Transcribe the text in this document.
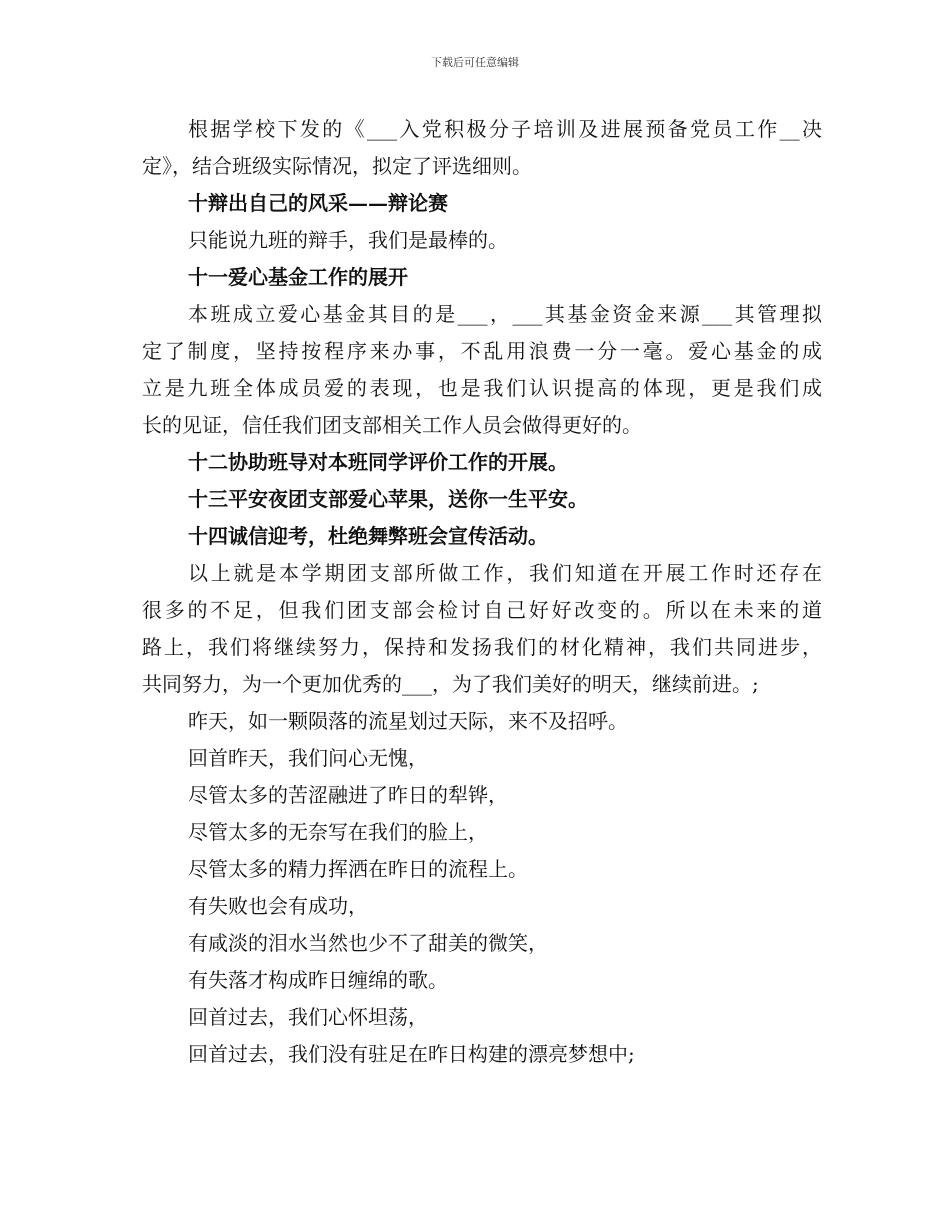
下载后可任意编辑
根据学校下发的《___入党积极分子培训及进展预备党员工作__决
定》，结合班级实际情况，拟定了评选细则。
十辩出自己的风采——辩论赛
只能说九班的辩手，我们是最棒的。
十一爱心基金工作的展开
本班成立爱心基金其目的是___，___其基金资金来源___其管理拟
定了制度，坚持按程序来办事，不乱用浪费一分一毫。爱心基金的成
立是九班全体成员爱的表现，也是我们认识提高的体现，更是我们成
长的见证，信任我们团支部相关工作人员会做得更好的。
十二协助班导对本班同学评价工作的开展。
十三平安夜团支部爱心苹果，送你一生平安。
十四诚信迎考，杜绝舞弊班会宣传活动。
以上就是本学期团支部所做工作，我们知道在开展工作时还存在
很多的不足，但我们团支部会检讨自己好好改变的。所以在未来的道
路上，我们将继续努力，保持和发扬我们的材化精神，我们共同进步，
共同努力，为一个更加优秀的___，为了我们美好的明天，继续前进。;
昨天，如一颗陨落的流星划过天际，来不及招呼。
回首昨天，我们问心无愧，
尽管太多的苦涩融进了昨日的犁铧，
尽管太多的无奈写在我们的脸上，
尽管太多的精力挥洒在昨日的流程上。
有失败也会有成功，
有咸淡的泪水当然也少不了甜美的微笑，
有失落才构成昨日缠绵的歌。
回首过去，我们心怀坦荡，
回首过去，我们没有驻足在昨日构建的漂亮梦想中;
